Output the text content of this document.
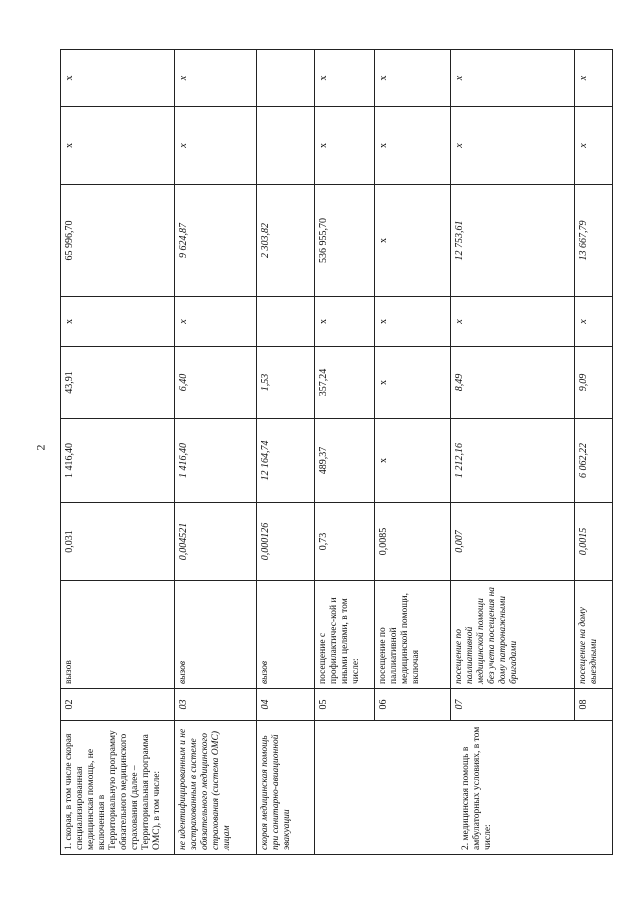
2
1. скорая, в том числе скорая специализированная медицинская помощь, не включенная в Территориальную программу обязательного медицинского страхования (далее – Территориальная программа ОМС), в том числе:	02	вызов	0,031	1 416,40	43,91	x	65 996,70	x	x
не идентифицированным и не застрахованным в системе обязательного медицинского страхования (система ОМС) лицам	03	вызов	0,004521	1 416,40	6,40	x	9 624,87	x	x
скорая медицинская помощь при санитарно-авиационной эвакуации	04	вызов	0,000126	12 164,74	1,53		2 303,82		
2. медицинская помощь в амбулаторных условиях, в том числе:	05	посещение с профилактичес-кой и иными целями, в том числе:	0,73	489,37	357,24	x	536 955,70	x	x
	06	посещение по паллиативной медицинской помощи, включая	0,0085	x	x	x	x	x	x
	07	посещение по паллиативной медицинской помощи без учета посещения на дому патронажными бригадами	0,007	1 212,16	8,49	x	12 753,61	x	x
	08	посещение на дому выездными	0,0015	6 062,22	9,09	x	13 667,79	x	x
